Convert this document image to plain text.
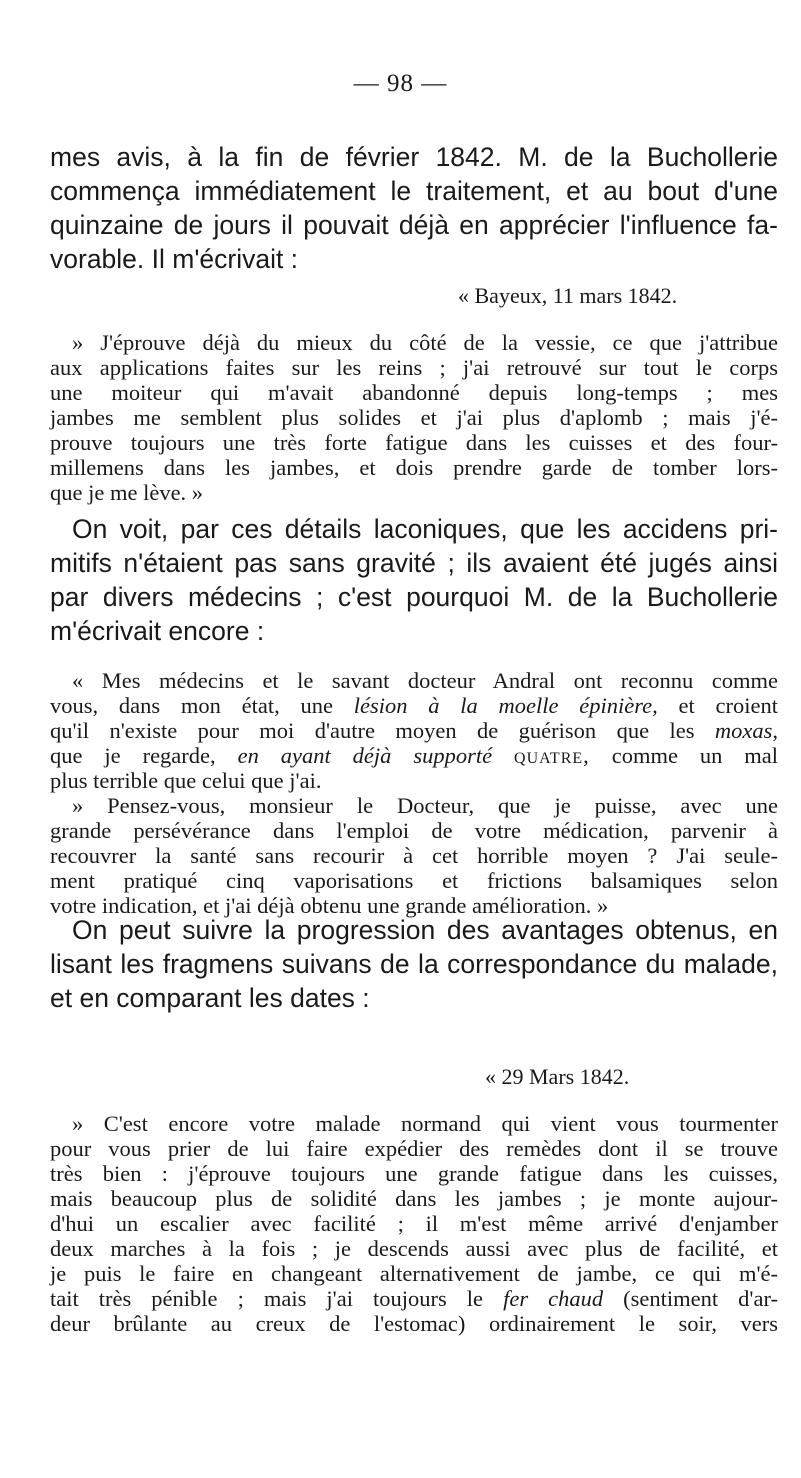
— 98 —
mes avis, à la fin de février 1842. M. de la Buchollerie
commença immédiatement le traitement, et au bout d'une
quinzaine de jours il pouvait déjà en apprécier l'influence fa-
vorable. Il m'écrivait :
« Bayeux, 11 mars 1842.
» J'éprouve déjà du mieux du côté de la vessie, ce que j'attribue
aux applications faites sur les reins ; j'ai retrouvé sur tout le corps
une moiteur qui m'avait abandonné depuis long-temps ; mes
jambes me semblent plus solides et j'ai plus d'aplomb ; mais j'é-
prouve toujours une très forte fatigue dans les cuisses et des four-
millemens dans les jambes, et dois prendre garde de tomber lors-
que je me lève. »
On voit, par ces détails laconiques, que les accidens pri-
mitifs n'étaient pas sans gravité ; ils avaient été jugés ainsi
par divers médecins ; c'est pourquoi M. de la Buchollerie
m'écrivait encore :
« Mes médecins et le savant docteur Andral ont reconnu comme
vous, dans mon état, une lésion à la moelle épinière, et croient
qu'il n'existe pour moi d'autre moyen de guérison que les moxas,
que je regarde, en ayant déjà supporté quatre, comme un mal
plus terrible que celui que j'ai.
» Pensez-vous, monsieur le Docteur, que je puisse, avec une
grande persévérance dans l'emploi de votre médication, parvenir à
recouvrer la santé sans recourir à cet horrible moyen ? J'ai seule-
ment pratiqué cinq vaporisations et frictions balsamiques selon
votre indication, et j'ai déjà obtenu une grande amélioration. »
On peut suivre la progression des avantages obtenus, en
lisant les fragmens suivans de la correspondance du malade,
et en comparant les dates :
« 29 Mars 1842.
» C'est encore votre malade normand qui vient vous tourmenter
pour vous prier de lui faire expédier des remèdes dont il se trouve
très bien : j'éprouve toujours une grande fatigue dans les cuisses,
mais beaucoup plus de solidité dans les jambes ; je monte aujour-
d'hui un escalier avec facilité ; il m'est même arrivé d'enjamber
deux marches à la fois ; je descends aussi avec plus de facilité, et
je puis le faire en changeant alternativement de jambe, ce qui m'é-
tait très pénible ; mais j'ai toujours le fer chaud (sentiment d'ar-
deur brûlante au creux de l'estomac) ordinairement le soir, vers
